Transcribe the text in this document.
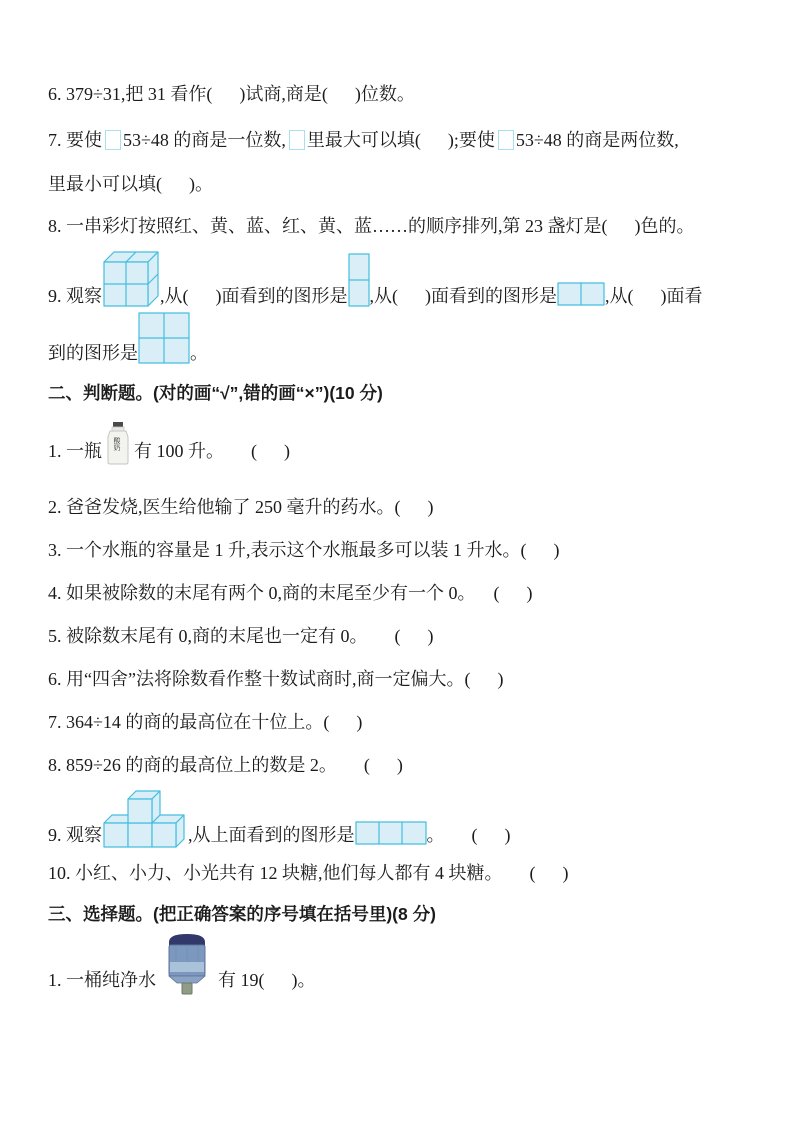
6. 379÷31,把 31 看作(      )试商,商是(      )位数。
7. 要使 53÷48 的商是一位数, 里最大可以填(      );要使 53÷48 的商是两位数,
里最小可以填(      )。
8. 一串彩灯按照红、黄、蓝、红、黄、蓝……的顺序排列,第 23 盏灯是(      )色的。
9. 观察	,从(      )面看到的图形是 ,从(      )面看到的图形是	,从(      )面看
到的图形是	。
二、判断题。(对的画“√”,错的画“×”)(10 分)
1. 一瓶 酸奶 有 100 升。      (      )
2. 爸爸发烧,医生给他输了 250 毫升的药水。(      )
3. 一个水瓶的容量是 1 升,表示这个水瓶最多可以装 1 升水。(      )
4. 如果被除数的末尾有两个 0,商的末尾至少有一个 0。    (      )
5. 被除数末尾有 0,商的末尾也一定有 0。      (      )
6. 用“四舍”法将除数看作整十数试商时,商一定偏大。(      )
7. 364÷14 的商的最高位在十位上。(      )
8. 859÷26 的商的最高位上的数是 2。      (      )
9. 观察	,从上面看到的图形是	。      (      )
10. 小红、小力、小光共有 12 块糖,他们每人都有 4 块糖。      (      )
三、选择题。(把正确答案的序号填在括号里)(8 分)
1. 一桶纯净水	有 19(      )。
